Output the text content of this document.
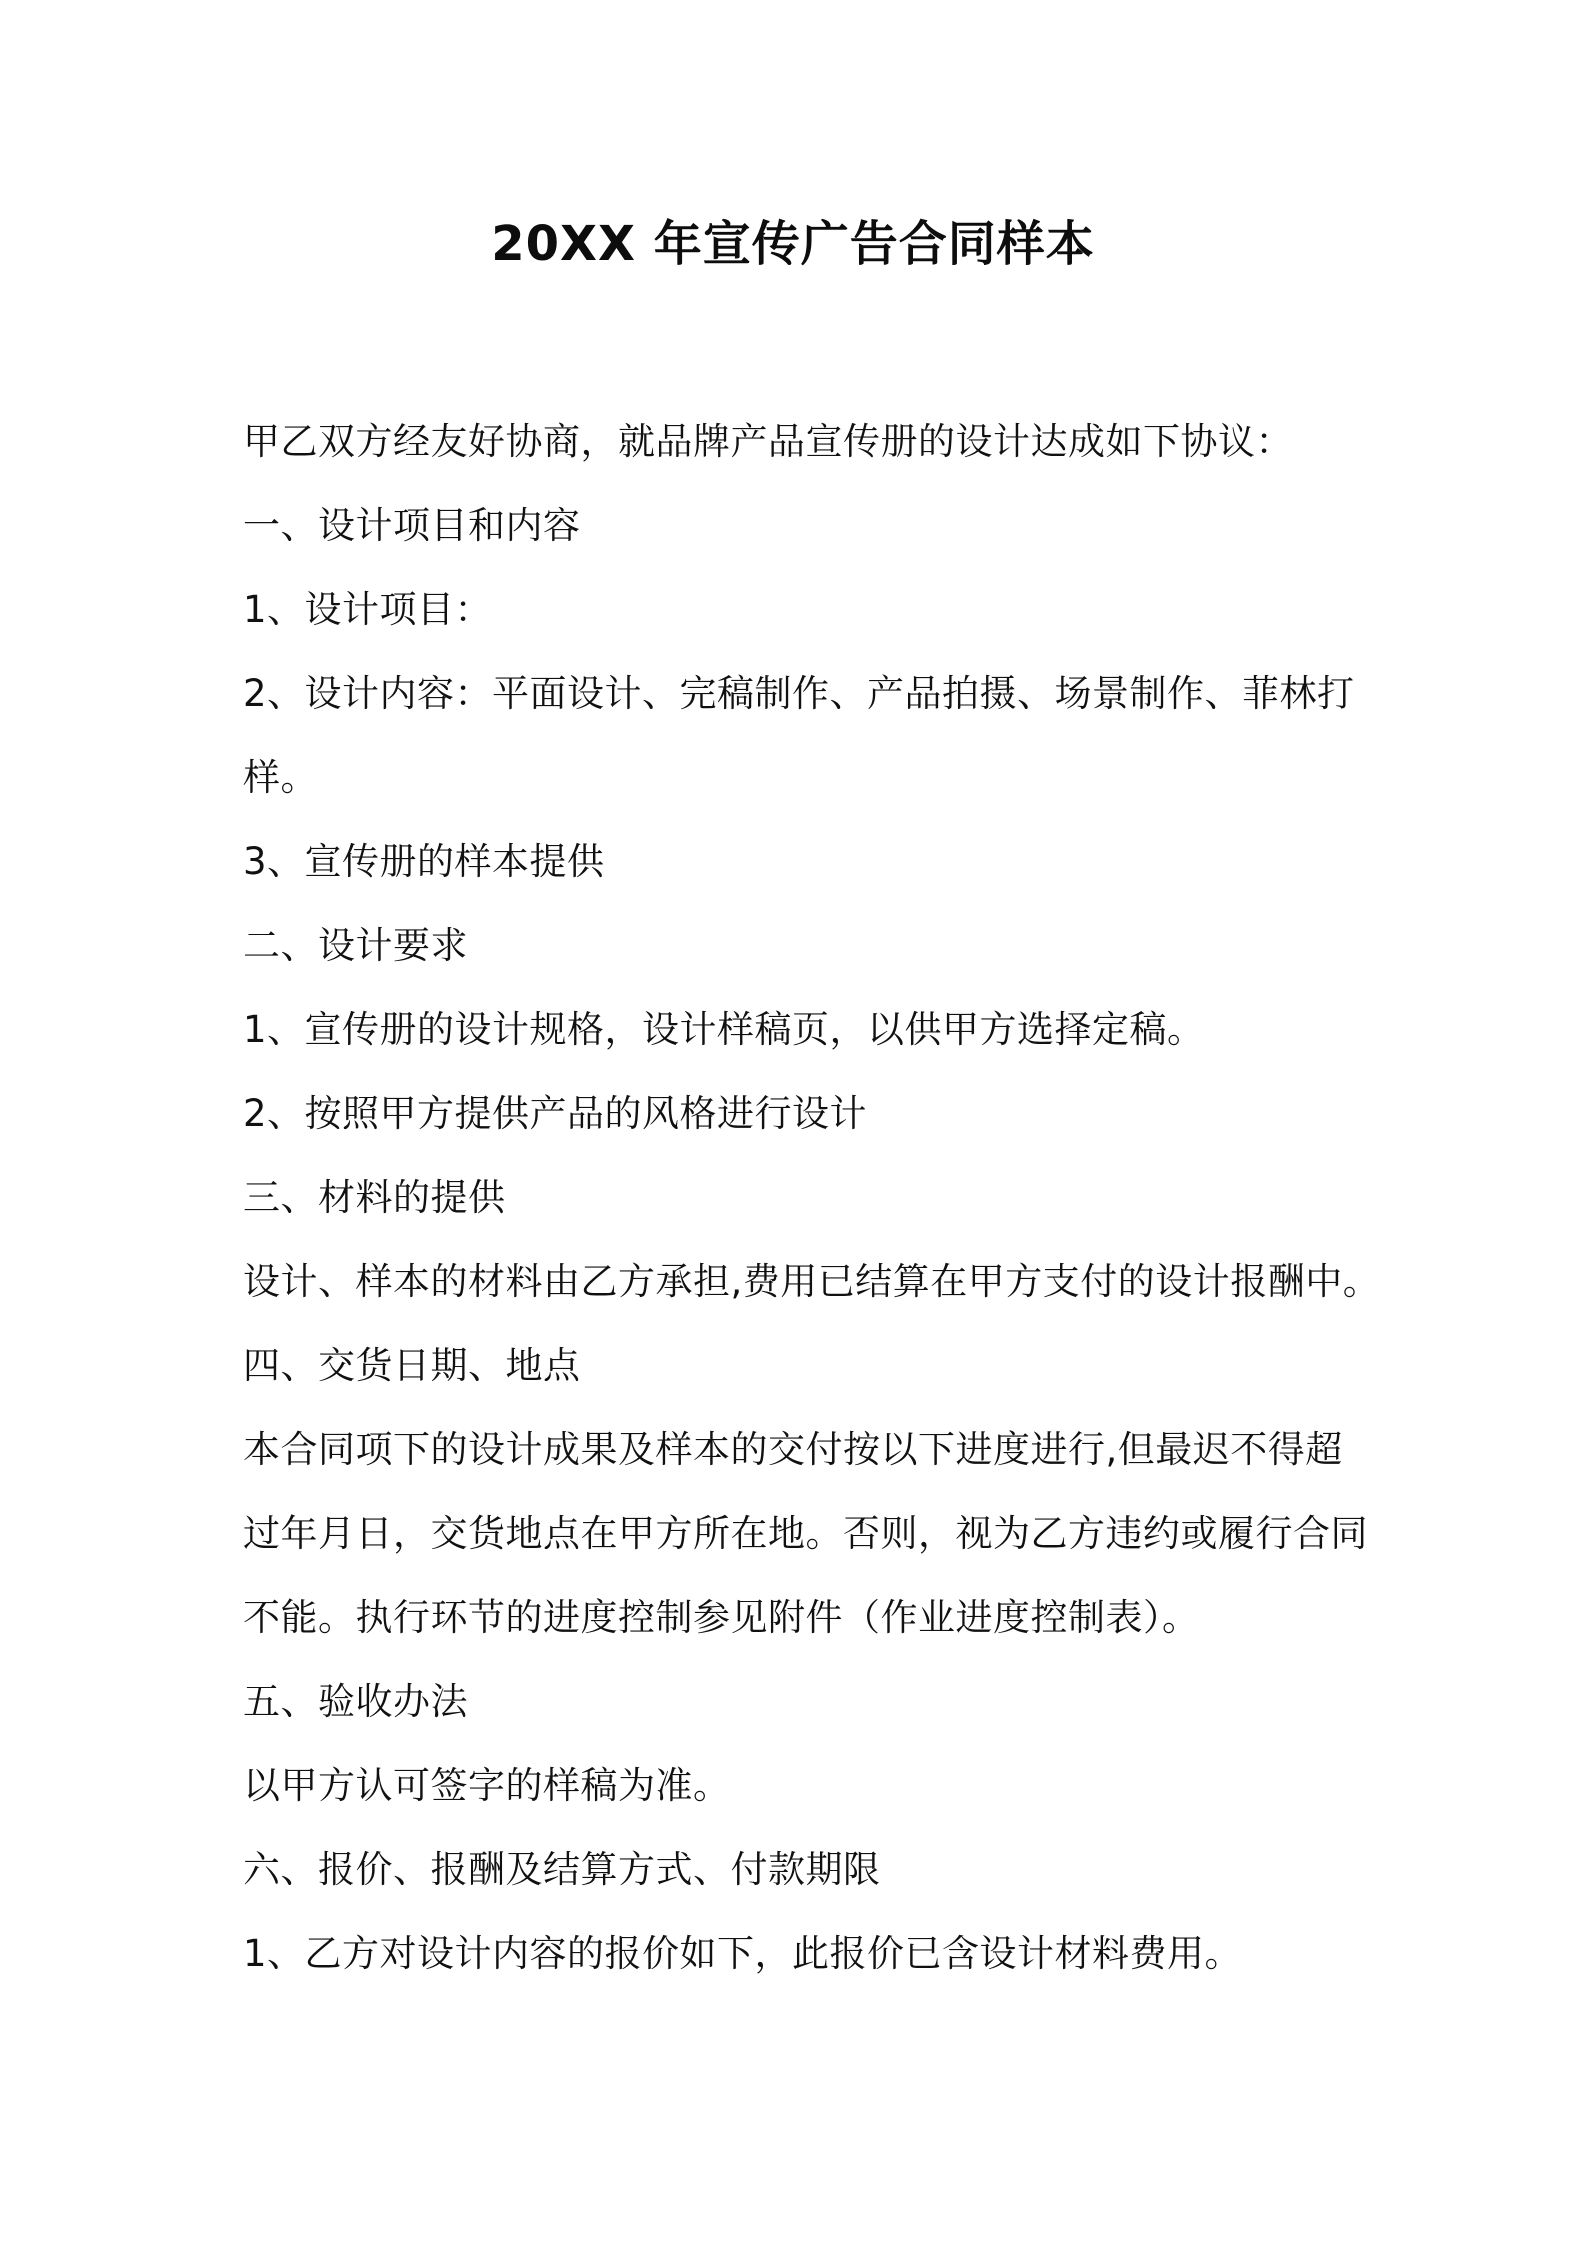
20XX 年宣传广告合同样本
甲乙双方经友好协商，就品牌产品宣传册的设计达成如下协议：
一、设计项目和内容
1、设计项目：
2、设计内容：平面设计、完稿制作、产品拍摄、场景制作、菲林打
样。
3、宣传册的样本提供
二、设计要求
1、宣传册的设计规格，设计样稿页，以供甲方选择定稿。
2、按照甲方提供产品的风格进行设计
三、材料的提供
设计、样本的材料由乙方承担,费用已结算在甲方支付的设计报酬中。
四、交货日期、地点
本合同项下的设计成果及样本的交付按以下进度进行,但最迟不得超
过年月日，交货地点在甲方所在地。否则，视为乙方违约或履行合同
不能。执行环节的进度控制参见附件（作业进度控制表）。
五、验收办法
以甲方认可签字的样稿为准。
六、报价、报酬及结算方式、付款期限
1、乙方对设计内容的报价如下，此报价已含设计材料费用。
